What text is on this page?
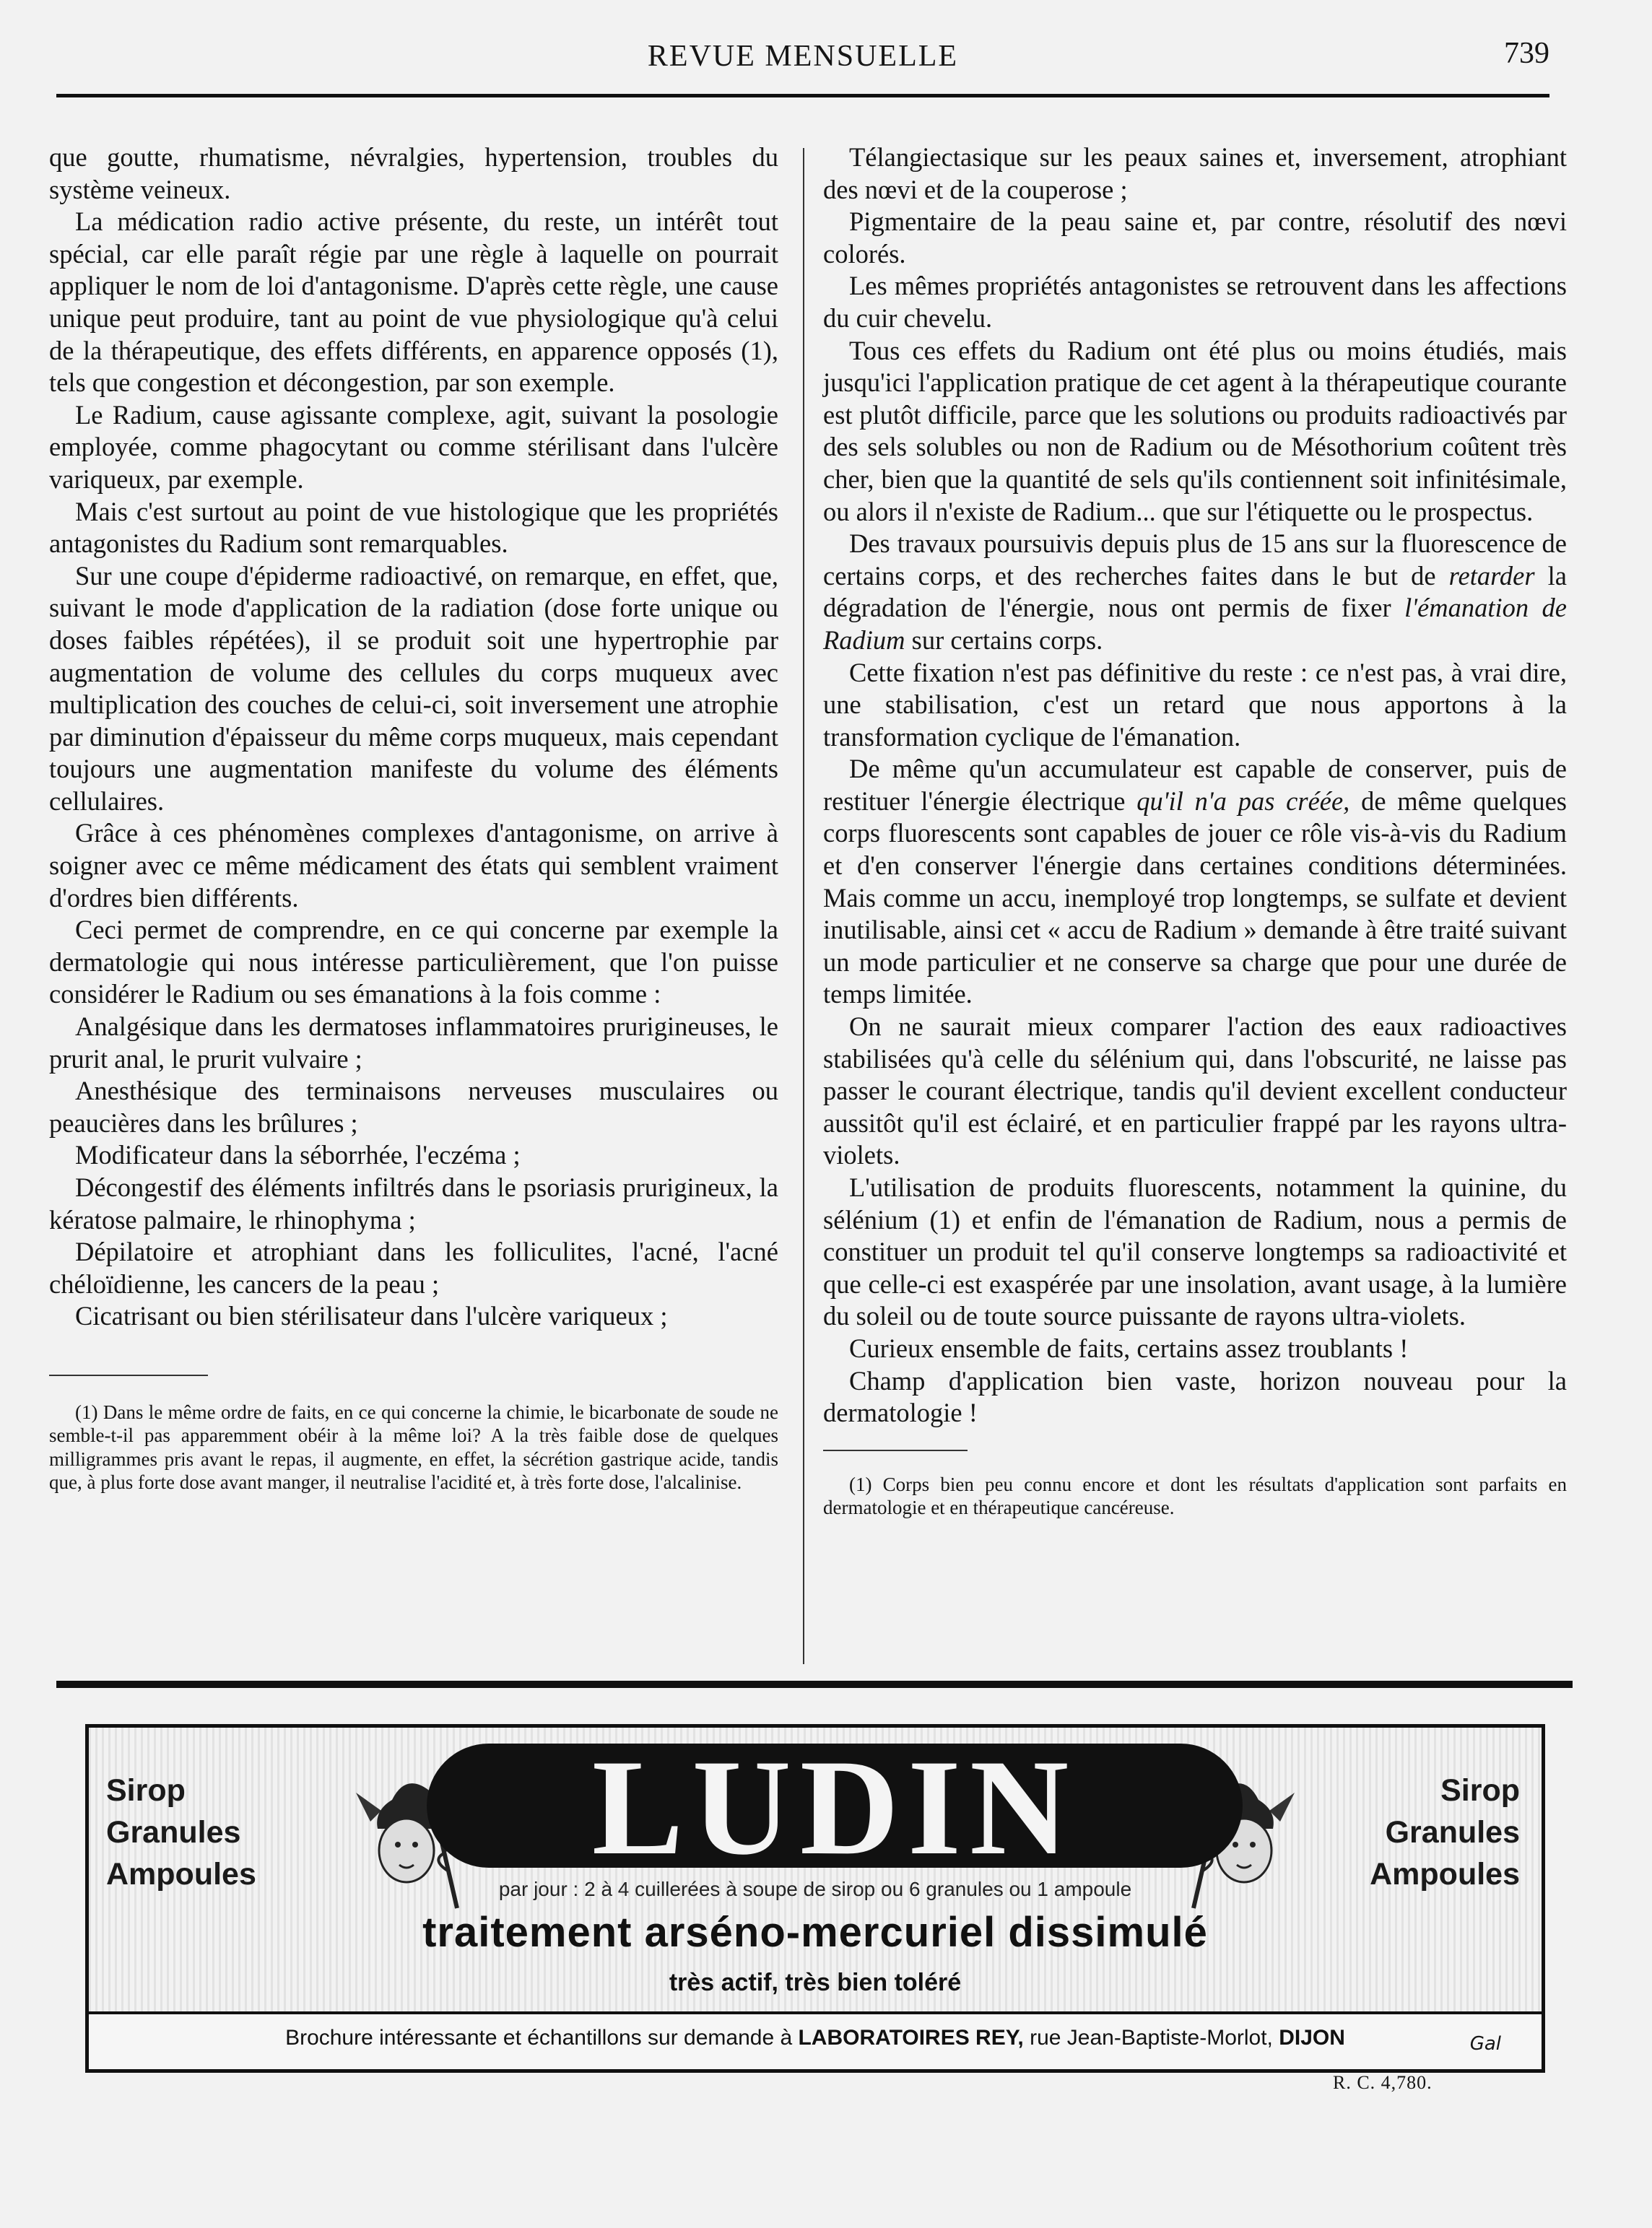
REVUE MENSUELLE	739

que goutte, rhumatisme, névralgies, hypertension, troubles du système veineux.

La médication radio active présente, du reste, un intérêt tout spécial, car elle paraît régie par une règle à laquelle on pourrait appliquer le nom de loi d'antagonisme. D'après cette règle, une cause unique peut produire, tant au point de vue physiologique qu'à celui de la thérapeutique, des effets différents, en apparence opposés (1), tels que congestion et décongestion, par son exemple.

Le Radium, cause agissante complexe, agit, suivant la posologie employée, comme phagocytant ou comme stérilisant dans l'ulcère variqueux, par exemple.

Mais c'est surtout au point de vue histologique que les propriétés antagonistes du Radium sont remarquables.

Sur une coupe d'épiderme radioactivé, on remarque, en effet, que, suivant le mode d'application de la radiation (dose forte unique ou doses faibles répétées), il se produit soit une hypertrophie par augmentation de volume des cellules du corps muqueux avec multiplication des couches de celui-ci, soit inversement une atrophie par diminution d'épaisseur du même corps muqueux, mais cependant toujours une augmentation manifeste du volume des éléments cellulaires.

Grâce à ces phénomènes complexes d'antagonisme, on arrive à soigner avec ce même médicament des états qui semblent vraiment d'ordres bien différents.

Ceci permet de comprendre, en ce qui concerne par exemple la dermatologie qui nous intéresse particulièrement, que l'on puisse considérer le Radium ou ses émanations à la fois comme :

Analgésique dans les dermatoses inflammatoires prurigineuses, le prurit anal, le prurit vulvaire ;

Anesthésique des terminaisons nerveuses musculaires ou peaucières dans les brûlures ;

Modificateur dans la séborrhée, l'eczéma ;

Décongestif des éléments infiltrés dans le psoriasis prurigineux, la kératose palmaire, le rhinophyma ;

Dépilatoire et atrophiant dans les folliculites, l'acné, l'acné chéloïdienne, les cancers de la peau ;

Cicatrisant ou bien stérilisateur dans l'ulcère variqueux ;

(1) Dans le même ordre de faits, en ce qui concerne la chimie, le bicarbonate de soude ne semble-t-il pas apparemment obéir à la même loi? A la très faible dose de quelques milligrammes pris avant le repas, il augmente, en effet, la sécrétion gastrique acide, tandis que, à plus forte dose avant manger, il neutralise l'acidité et, à très forte dose, l'alcalinise.

Télangiectasique sur les peaux saines et, inversement, atrophiant des nœvi et de la couperose ;

Pigmentaire de la peau saine et, par contre, résolutif des nœvi colorés.

Les mêmes propriétés antagonistes se retrouvent dans les affections du cuir chevelu.

Tous ces effets du Radium ont été plus ou moins étudiés, mais jusqu'ici l'application pratique de cet agent à la thérapeutique courante est plutôt difficile, parce que les solutions ou produits radioactivés par des sels solubles ou non de Radium ou de Mésothorium coûtent très cher, bien que la quantité de sels qu'ils contiennent soit infinitésimale, ou alors il n'existe de Radium... que sur l'étiquette ou le prospectus.

Des travaux poursuivis depuis plus de 15 ans sur la fluorescence de certains corps, et des recherches faites dans le but de retarder la dégradation de l'énergie, nous ont permis de fixer l'émanation de Radium sur certains corps.

Cette fixation n'est pas définitive du reste : ce n'est pas, à vrai dire, une stabilisation, c'est un retard que nous apportons à la transformation cyclique de l'émanation.

De même qu'un accumulateur est capable de conserver, puis de restituer l'énergie électrique qu'il n'a pas créée, de même quelques corps fluorescents sont capables de jouer ce rôle vis-à-vis du Radium et d'en conserver l'énergie dans certaines conditions déterminées. Mais comme un accu, inemployé trop longtemps, se sulfate et devient inutilisable, ainsi cet « accu de Radium » demande à être traité suivant un mode particulier et ne conserve sa charge que pour une durée de temps limitée.

On ne saurait mieux comparer l'action des eaux radioactives stabilisées qu'à celle du sélénium qui, dans l'obscurité, ne laisse pas passer le courant électrique, tandis qu'il devient excellent conducteur aussitôt qu'il est éclairé, et en particulier frappé par les rayons ultra-violets.

L'utilisation de produits fluorescents, notamment la quinine, du sélénium (1) et enfin de l'émanation de Radium, nous a permis de constituer un produit tel qu'il conserve longtemps sa radioactivité et que celle-ci est exaspérée par une insolation, avant usage, à la lumière du soleil ou de toute source puissante de rayons ultra-violets.

Curieux ensemble de faits, certains assez troublants !

Champ d'application bien vaste, horizon nouveau pour la dermatologie !

(1) Corps bien peu connu encore et dont les résultats d'application sont parfaits en dermatologie et en thérapeutique cancéreuse.
Sirop
Granules
Ampoules
Sirop
Granules
Ampoules
LUDIN
par jour : 2 à 4 cuillerées à soupe de sirop ou 6 granules ou 1 ampoule
traitement arséno-mercuriel dissimulé
très actif, très bien toléré
Brochure intéressante et échantillons sur demande à LABORATOIRES REY, rue Jean-Baptiste-Morlot, DIJON	Gal
R. C. 4,780.
